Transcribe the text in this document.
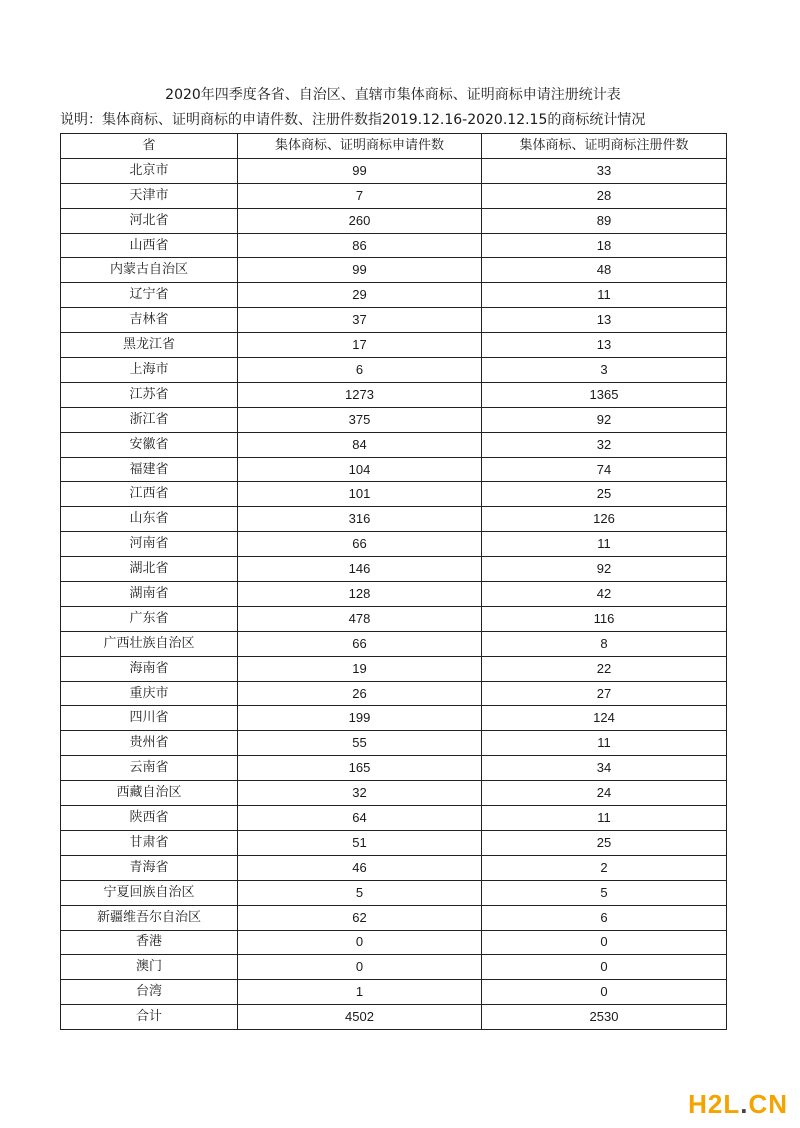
2020年四季度各省、自治区、直辖市集体商标、证明商标申请注册统计表
说明：集体商标、证明商标的申请件数、注册件数指2019.12.16-2020.12.15的商标统计情况
省	集体商标、证明商标申请件数	集体商标、证明商标注册件数
北京市	99	33
天津市	7	28
河北省	260	89
山西省	86	18
内蒙古自治区	99	48
辽宁省	29	11
吉林省	37	13
黑龙江省	17	13
上海市	6	3
江苏省	1273	1365
浙江省	375	92
安徽省	84	32
福建省	104	74
江西省	101	25
山东省	316	126
河南省	66	11
湖北省	146	92
湖南省	128	42
广东省	478	116
广西壮族自治区	66	8
海南省	19	22
重庆市	26	27
四川省	199	124
贵州省	55	11
云南省	165	34
西藏自治区	32	24
陕西省	64	11
甘肃省	51	25
青海省	46	2
宁夏回族自治区	5	5
新疆维吾尔自治区	62	6
香港	0	0
澳门	0	0
台湾	1	0
合计	4502	2530
H2L.CN
